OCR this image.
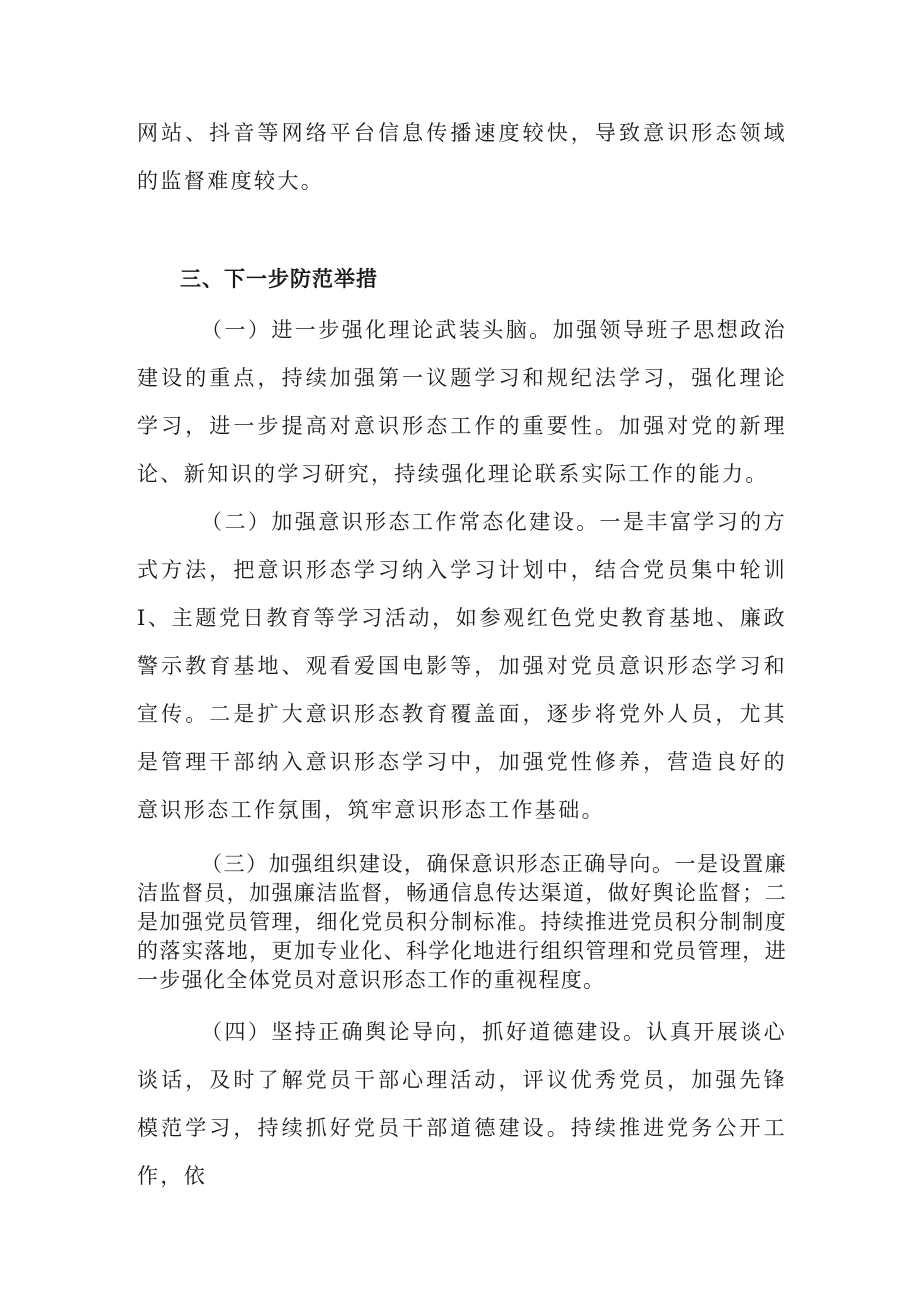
网站、抖音等网络平台信息传播速度较快，导致意识形态领域的监督难度较大。

三、下一步防范举措

（一）进一步强化理论武装头脑。加强领导班子思想政治建设的重点，持续加强第一议题学习和规纪法学习，强化理论学习，进一步提高对意识形态工作的重要性。加强对党的新理论、新知识的学习研究，持续强化理论联系实际工作的能力。

（二）加强意识形态工作常态化建设。一是丰富学习的方式方法，把意识形态学习纳入学习计划中，结合党员集中轮训Ⅰ、主题党日教育等学习活动，如参观红色党史教育基地、廉政警示教育基地、观看爱国电影等，加强对党员意识形态学习和宣传。二是扩大意识形态教育覆盖面，逐步将党外人员，尤其是管理干部纳入意识形态学习中，加强党性修养，营造良好的意识形态工作氛围，筑牢意识形态工作基础。

（三）加强组织建设，确保意识形态正确导向。一是设置廉洁监督员，加强廉洁监督，畅通信息传达渠道，做好舆论监督；二是加强党员管理，细化党员积分制标准。持续推进党员积分制制度的落实落地，更加专业化、科学化地进行组织管理和党员管理，进一步强化全体党员对意识形态工作的重视程度。

（四）坚持正确舆论导向，抓好道德建设。认真开展谈心谈话，及时了解党员干部心理活动，评议优秀党员，加强先锋模范学习，持续抓好党员干部道德建设。持续推进党务公开工作，依
